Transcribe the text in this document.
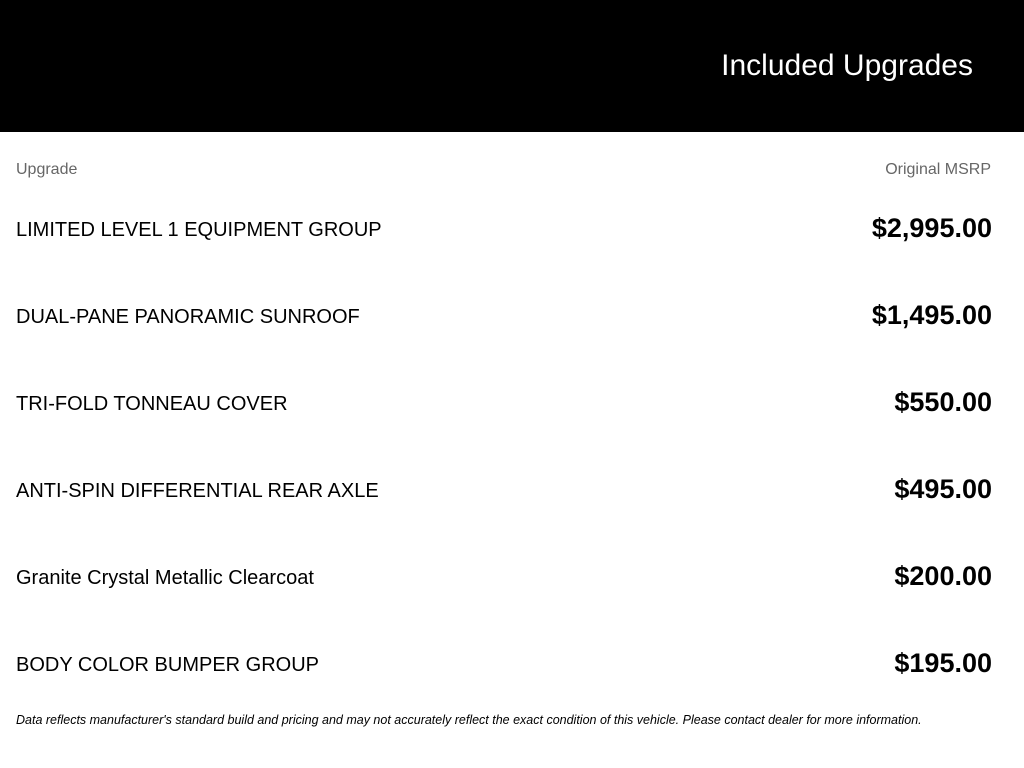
Included Upgrades
Upgrade	Original MSRP
LIMITED LEVEL 1 EQUIPMENT GROUP	$2,995.00
DUAL-PANE PANORAMIC SUNROOF	$1,495.00
TRI-FOLD TONNEAU COVER	$550.00
ANTI-SPIN DIFFERENTIAL REAR AXLE	$495.00
Granite Crystal Metallic Clearcoat	$200.00
BODY COLOR BUMPER GROUP	$195.00
Data reflects manufacturer's standard build and pricing and may not accurately reflect the exact condition of this vehicle. Please contact dealer for more information.
